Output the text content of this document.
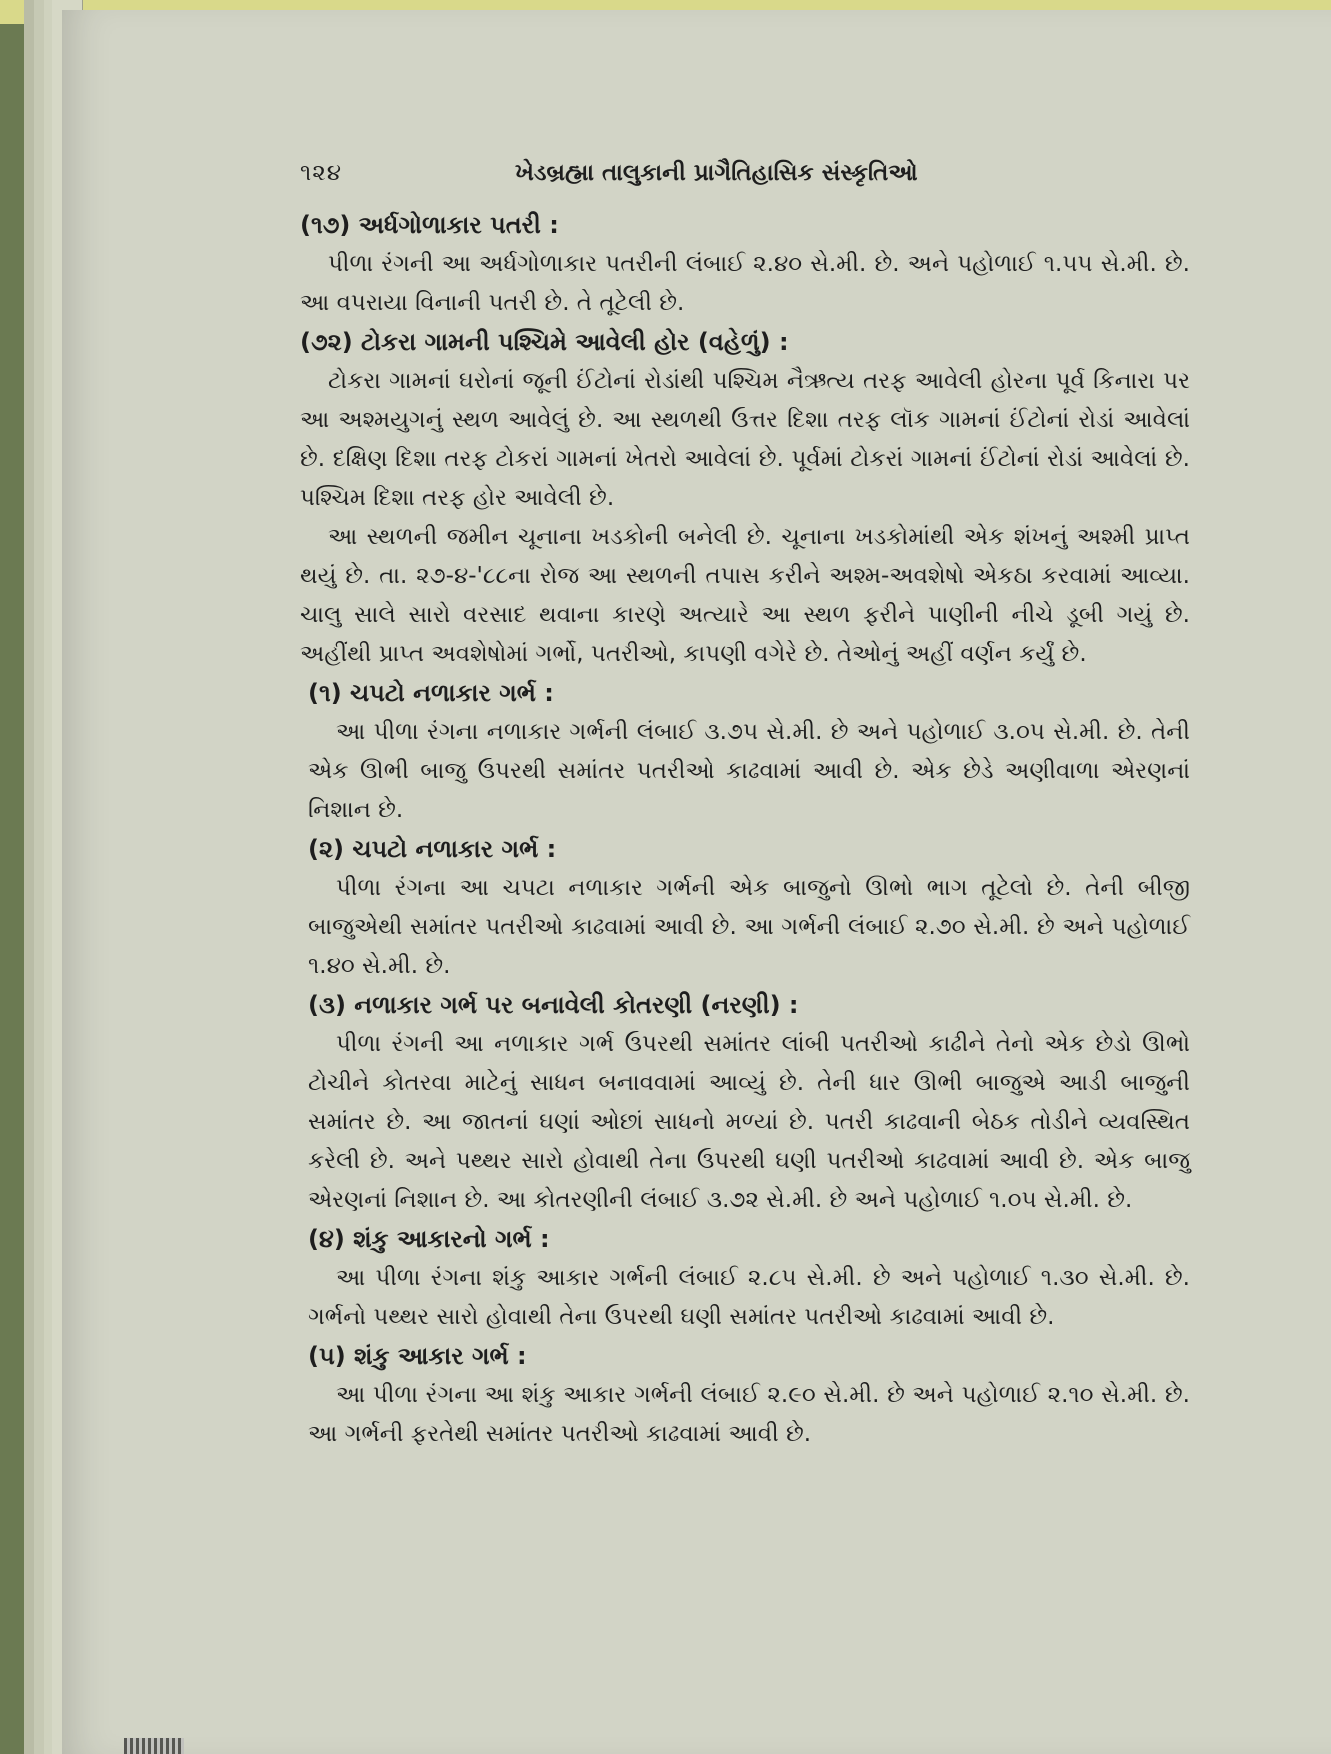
૧૨૪	ખેડબ્રહ્મા તાલુકાની પ્રાગૈતિહાસિક સંસ્કૃતિઓ

(૧૭) અર્ધગોળાકાર પતરી :

પીળા રંગની આ અર્ધગોળાકાર પતરીની લંબાઈ ૨.૪૦ સે.મી. છે. અને પહોળાઈ ૧.૫૫ સે.મી. છે. આ વપરાયા વિનાની પતરી છે. તે તૂટેલી છે.

(૭૨) ટોકરા ગામની પશ્ચિમે આવેલી હોર (વહેળું) :

ટોકરા ગામનાં ઘરોનાં જૂની ઈંટોનાં રોડાંથી પશ્ચિમ નૈઋત્ય તરફ આવેલી હોરના પૂર્વ કિનારા પર આ અશ્મયુગનું સ્થળ આવેલું છે. આ સ્થળથી ઉત્તર દિશા તરફ લૉક ગામનાં ઈંટોનાં રોડાં આવેલાં છે. દક્ષિણ દિશા તરફ ટોકરાં ગામનાં ખેતરો આવેલાં છે. પૂર્વમાં ટોકરાં ગામનાં ઈંટોનાં રોડાં આવેલાં છે. પશ્ચિમ દિશા તરફ હોર આવેલી છે.

આ સ્થળની જમીન ચૂનાના ખડકોની બનેલી છે. ચૂનાના ખડકોમાંથી એક શંખનું અશ્મી પ્રાપ્ત થયું છે. તા. ૨૭-૪-'૮૮ના રોજ આ સ્થળની તપાસ કરીને અશ્મ-અવશેષો એકઠા કરવામાં આવ્યા. ચાલુ સાલે સારો વરસાદ થવાના કારણે અત્યારે આ સ્થળ ફરીને પાણીની નીચે ડૂબી ગયું છે. અહીંથી પ્રાપ્ત અવશેષોમાં ગર્ભો, પતરીઓ, કાપણી વગેરે છે. તેઓનું અહીં વર્ણન કર્યું છે.

(૧) ચપટો નળાકાર ગર્ભ :

આ પીળા રંગના નળાકાર ગર્ભની લંબાઈ ૩.૭૫ સે.મી. છે અને પહોળાઈ ૩.૦૫ સે.મી. છે. તેની એક ઊભી બાજુ ઉપરથી સમાંતર પતરીઓ કાઢવામાં આવી છે. એક છેડે અણીવાળા એરણનાં નિશાન છે.

(૨) ચપટો નળાકાર ગર્ભ :

પીળા રંગના આ ચપટા નળાકાર ગર્ભની એક બાજુનો ઊભો ભાગ તૂટેલો છે. તેની બીજી બાજુએથી સમાંતર પતરીઓ કાઢવામાં આવી છે. આ ગર્ભની લંબાઈ ૨.૭૦ સે.મી. છે અને પહોળાઈ ૧.૪૦ સે.મી. છે.

(૩) નળાકાર ગર્ભ પર બનાવેલી કોતરણી (નરણી) :

પીળા રંગની આ નળાકાર ગર્ભ ઉપરથી સમાંતર લાંબી પતરીઓ કાઢીને તેનો એક છેડો ઊભો ટોચીને કોતરવા માટેનું સાધન બનાવવામાં આવ્યું છે. તેની ધાર ઊભી બાજુએ આડી બાજુની સમાંતર છે. આ જાતનાં ઘણાં ઓછાં સાધનો મળ્યાં છે. પતરી કાઢવાની બેઠક તોડીને વ્યવસ્થિત કરેલી છે. અને પથ્થર સારો હોવાથી તેના ઉપરથી ઘણી પતરીઓ કાઢવામાં આવી છે. એક બાજુ એરણનાં નિશાન છે. આ કોતરણીની લંબાઈ ૩.૭૨ સે.મી. છે અને પહોળાઈ ૧.૦૫ સે.મી. છે.

(૪) શંકુ આકારનો ગર્ભ :

આ પીળા રંગના શંકુ આકાર ગર્ભની લંબાઈ ૨.૮૫ સે.મી. છે અને પહોળાઈ ૧.૩૦ સે.મી. છે. ગર્ભનો પથ્થર સારો હોવાથી તેના ઉપરથી ઘણી સમાંતર પતરીઓ કાઢવામાં આવી છે.

(૫) શંકુ આકાર ગર્ભ :

આ પીળા રંગના આ શંકુ આકાર ગર્ભની લંબાઈ ૨.૯૦ સે.મી. છે અને પહોળાઈ ૨.૧૦ સે.મી. છે. આ ગર્ભની ફરતેથી સમાંતર પતરીઓ કાઢવામાં આવી છે.
